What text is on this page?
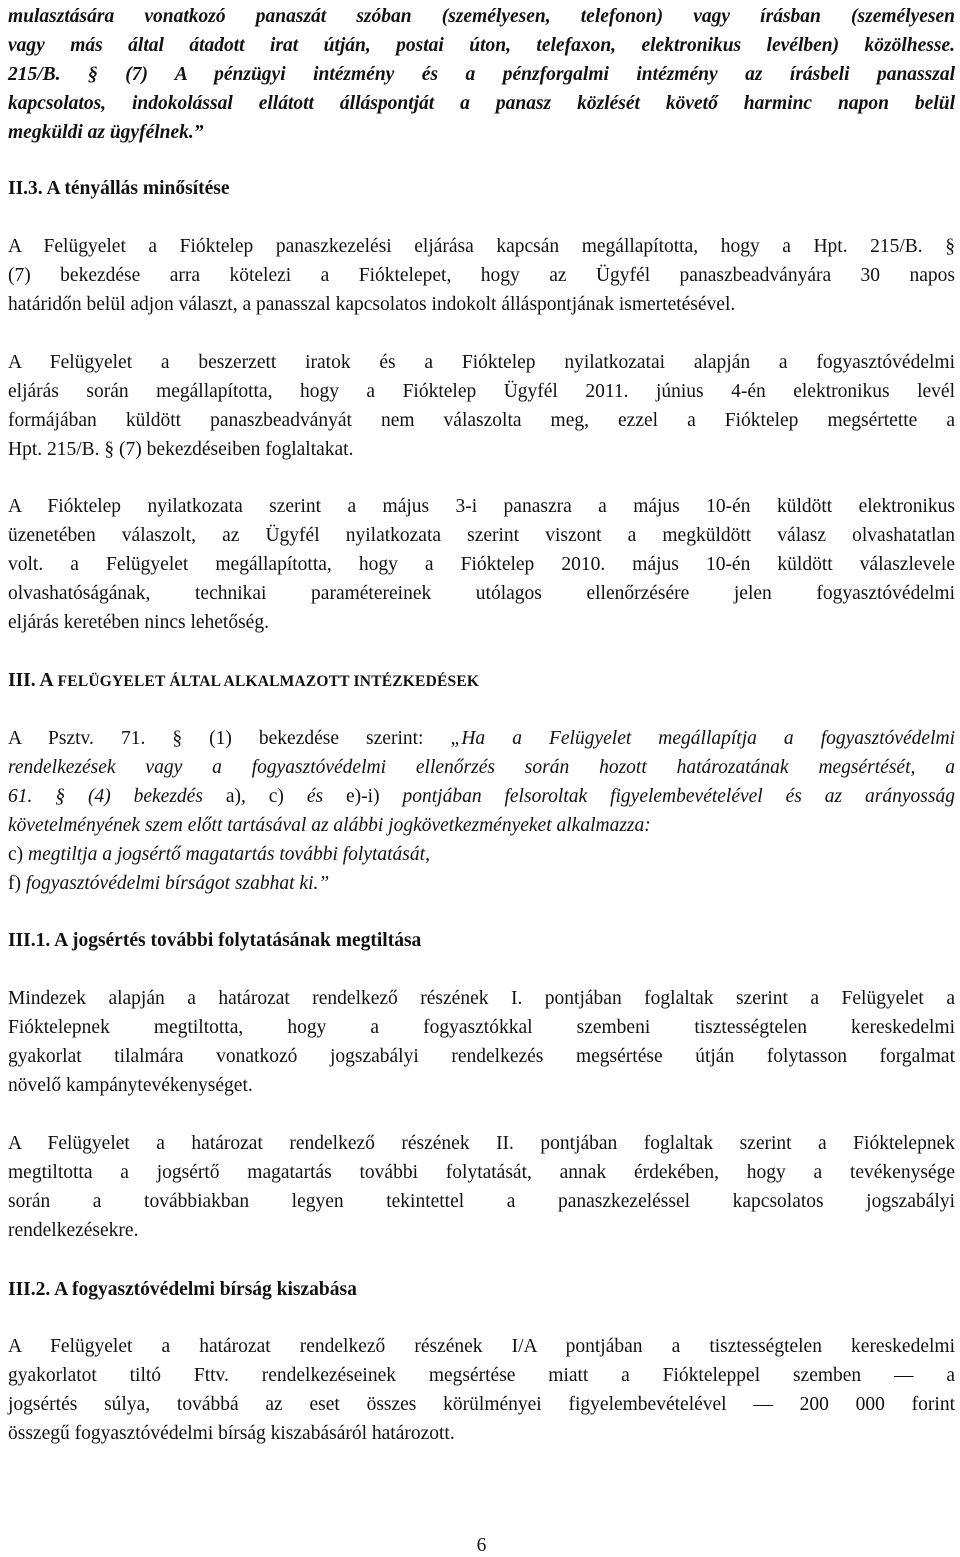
mulasztására vonatkozó panaszát szóban (személyesen, telefonon) vagy írásban (személyesen

vagy más által átadott irat útján, postai úton, telefaxon, elektronikus levélben) közölhesse.

215/B. § (7) A pénzügyi intézmény és a pénzforgalmi intézmény az írásbeli panasszal

kapcsolatos, indokolással ellátott álláspontját a panasz közlését követő harminc napon belül

megküldi az ügyfélnek.”

II.3. A tényállás minősítése

A Felügyelet a Fióktelep panaszkezelési eljárása kapcsán megállapította, hogy a Hpt. 215/B. §

(7) bekezdése arra kötelezi a Fióktelepet, hogy az Ügyfél panaszbeadványára 30 napos

határidőn belül adjon választ, a panasszal kapcsolatos indokolt álláspontjának ismertetésével.

A Felügyelet a beszerzett iratok és a Fióktelep nyilatkozatai alapján a fogyasztóvédelmi

eljárás során megállapította, hogy a Fióktelep Ügyfél 2011. június 4-én elektronikus levél

formájában küldött panaszbeadványát nem válaszolta meg, ezzel a Fióktelep megsértette a

Hpt. 215/B. § (7) bekezdéseiben foglaltakat.

A Fióktelep nyilatkozata szerint a május 3-i panaszra a május 10-én küldött elektronikus

üzenetében válaszolt, az Ügyfél nyilatkozata szerint viszont a megküldött válasz olvashatatlan

volt. a Felügyelet megállapította, hogy a Fióktelep 2010. május 10-én küldött válaszlevele

olvashatóságának, technikai paramétereinek utólagos ellenőrzésére jelen fogyasztóvédelmi

eljárás keretében nincs lehetőség.

III. A FELÜGYELET ÁLTAL ALKALMAZOTT INTÉZKEDÉSEK

A Psztv. 71. § (1) bekezdése szerint: „Ha a Felügyelet megállapítja a fogyasztóvédelmi

rendelkezések vagy a fogyasztóvédelmi ellenőrzés során hozott határozatának megsértését, a

61. § (4) bekezdés a), c) és e)-i) pontjában felsoroltak figyelembevételével és az arányosság

követelményének szem előtt tartásával az alábbi jogkövetkezményeket alkalmazza:

c) megtiltja a jogsértő magatartás további folytatását,

f) fogyasztóvédelmi bírságot szabhat ki.”

III.1. A jogsértés további folytatásának megtiltása

Mindezek alapján a határozat rendelkező részének I. pontjában foglaltak szerint a Felügyelet a

Fióktelepnek megtiltotta, hogy a fogyasztókkal szembeni tisztességtelen kereskedelmi

gyakorlat tilalmára vonatkozó jogszabályi rendelkezés megsértése útján folytasson forgalmat

növelő kampánytevékenységet.

A Felügyelet a határozat rendelkező részének II. pontjában foglaltak szerint a Fióktelepnek

megtiltotta a jogsértő magatartás további folytatását, annak érdekében, hogy a tevékenysége

során a továbbiakban legyen tekintettel a panaszkezeléssel kapcsolatos jogszabályi

rendelkezésekre.

III.2. A fogyasztóvédelmi bírság kiszabása

A Felügyelet a határozat rendelkező részének I/A pontjában a tisztességtelen kereskedelmi

gyakorlatot tiltó Fttv. rendelkezéseinek megsértése miatt a Fiókteleppel szemben — a

jogsértés súlya, továbbá az eset összes körülményei figyelembevételével — 200 000 forint

összegű fogyasztóvédelmi bírság kiszabásáról határozott.

6
